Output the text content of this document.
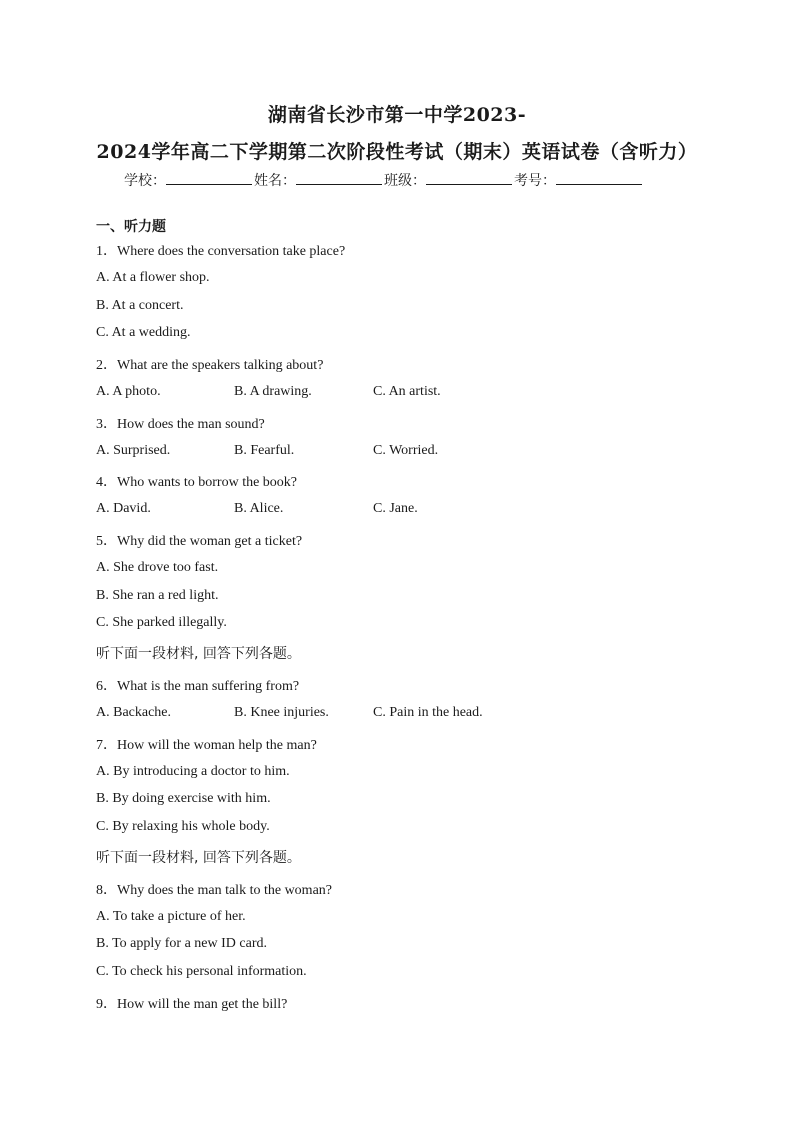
湖南省长沙市第一中学2023-
2024学年高二下学期第二次阶段性考试（期末）英语试卷（含听力）
学校：	姓名：	班级：	考号：
一、听力题
1．Where does the conversation take place?
A. At a flower shop.
B. At a concert.
C. At a wedding.
2．What are the speakers talking about?
A. A photo.	B. A drawing.	C. An artist.
3．How does the man sound?
A. Surprised.	B. Fearful.	C. Worried.
4．Who wants to borrow the book?
A. David.	B. Alice.	C. Jane.
5．Why did the woman get a ticket?
A. She drove too fast.
B. She ran a red light.
C. She parked illegally.
听下面一段材料, 回答下列各题。
6．What is the man suffering from?
A. Backache.	B. Knee injuries.	C. Pain in the head.
7．How will the woman help the man?
A. By introducing a doctor to him.
B. By doing exercise with him.
C. By relaxing his whole body.
听下面一段材料, 回答下列各题。
8．Why does the man talk to the woman?
A. To take a picture of her.
B. To apply for a new ID card.
C. To check his personal information.
9．How will the man get the bill?
